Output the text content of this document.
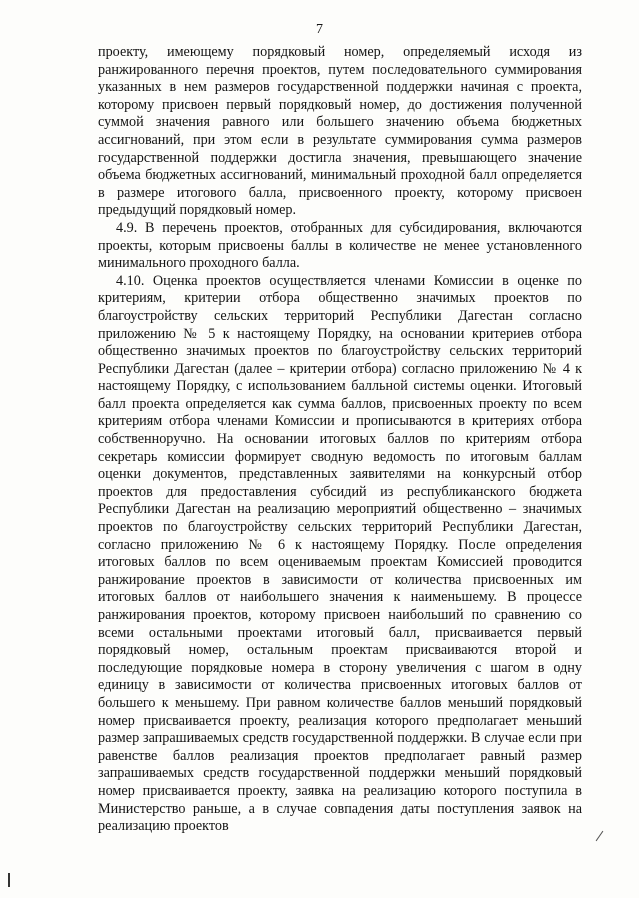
7

проекту, имеющему порядковый номер, определяемый исходя из ранжированного перечня проектов, путем последовательного суммирования указанных в нем размеров государственной поддержки начиная с проекта, которому присвоен первый порядковый номер, до достижения полученной суммой значения равного или большего значению объема бюджетных ассигнований, при этом если в результате суммирования сумма размеров государственной поддержки достигла значения, превышающего значение объема бюджетных ассигнований, минимальный проходной балл определяется в размере итогового балла, присвоенного проекту, которому присвоен предыдущий порядковый номер.

4.9. В перечень проектов, отобранных для субсидирования, включаются проекты, которым присвоены баллы в количестве не менее установленного минимального проходного балла.

4.10. Оценка проектов осуществляется членами Комиссии в оценке по критериям, критерии отбора общественно значимых проектов по благоустройству сельских территорий Республики Дагестан согласно приложению № 5 к настоящему Порядку, на основании критериев отбора общественно значимых проектов по благоустройству сельских территорий Республики Дагестан (далее – критерии отбора) согласно приложению № 4 к настоящему Порядку, с использованием балльной системы оценки. Итоговый балл проекта определяется как сумма баллов, присвоенных проекту по всем критериям отбора членами Комиссии и прописываются в критериях отбора собственноручно. На основании итоговых баллов по критериям отбора секретарь комиссии формирует сводную ведомость по итоговым баллам оценки документов, представленных заявителями на конкурсный отбор проектов для предоставления субсидий из республиканского бюджета Республики Дагестан на реализацию мероприятий общественно – значимых проектов по благоустройству сельских территорий Республики Дагестан, согласно приложению № 6 к настоящему Порядку. После определения итоговых баллов по всем оцениваемым проектам Комиссией проводится ранжирование проектов в зависимости от количества присвоенных им итоговых баллов от наибольшего значения к наименьшему. В процессе ранжирования проектов, которому присвоен наибольший по сравнению со всеми остальными проектами итоговый балл, присваивается первый порядковый номер, остальным проектам присваиваются второй и последующие порядковые номера в сторону увеличения с шагом в одну единицу в зависимости от количества присвоенных итоговых баллов от большего к меньшему. При равном количестве баллов меньший порядковый номер присваивается проекту, реализация которого предполагает меньший размер запрашиваемых средств государственной поддержки. В случае если при равенстве баллов реализация проектов предполагает равный размер запрашиваемых средств государственной поддержки меньший порядковый номер присваивается проекту, заявка на реализацию которого поступила в Министерство раньше, а в случае совпадения даты поступления заявок на реализацию проектов
